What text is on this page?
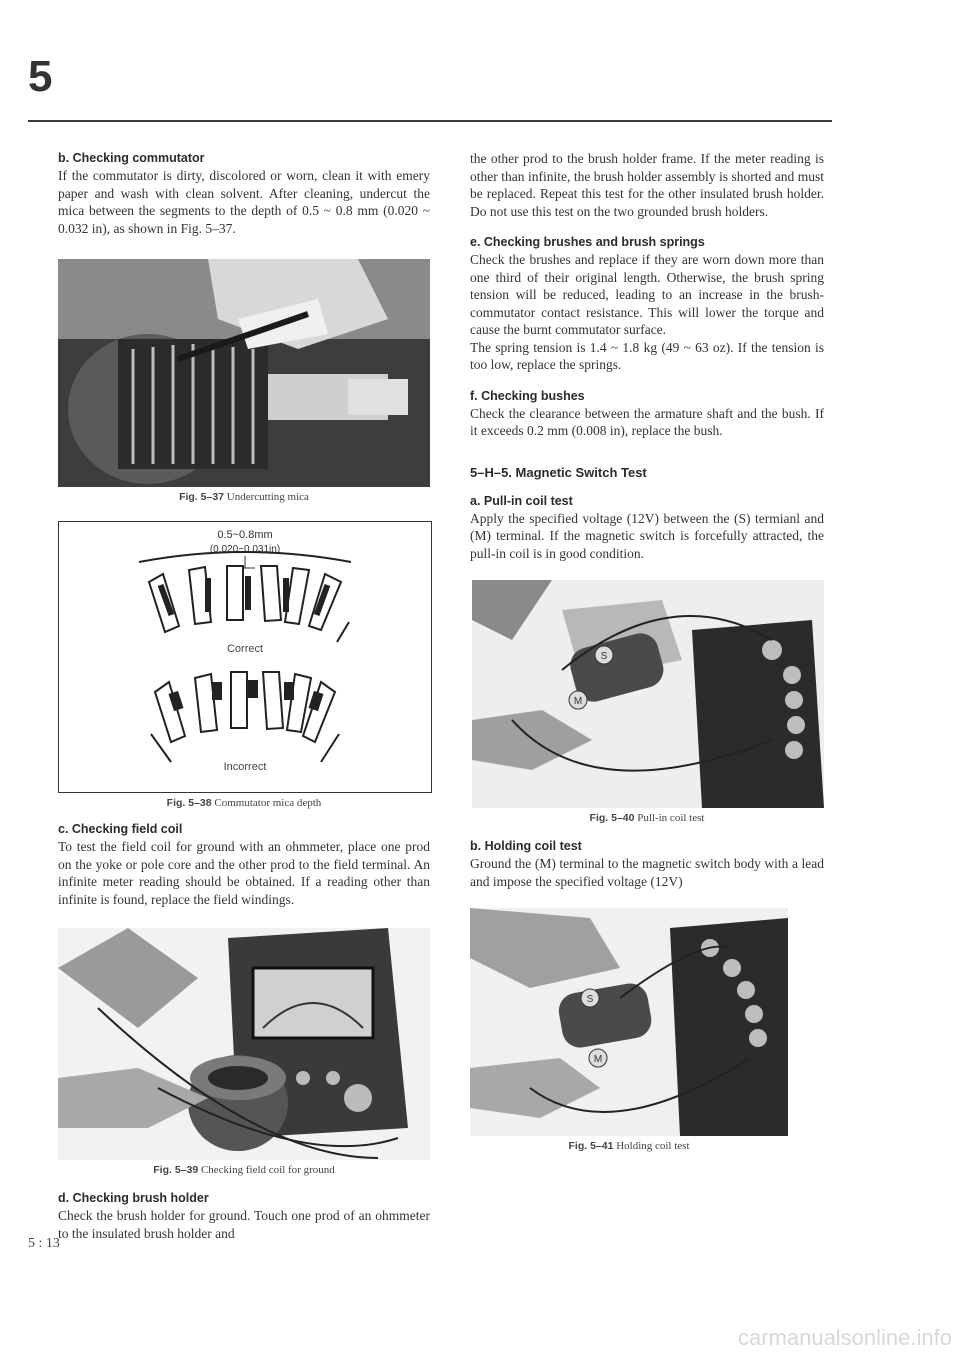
5

b. Checking commutator

If the commutator is dirty, discolored or worn, clean it with emery paper and wash with clean solvent. After cleaning, undercut the mica between the segments to the depth of 0.5 ~ 0.8 mm (0.020 ~ 0.032 in), as shown in Fig. 5–37.

Fig. 5–37 Undercutting mica

0.5~0.8mm
(0.020~0.031in)
Correct
Incorrect

Fig. 5–38 Commutator mica depth

c. Checking field coil

To test the field coil for ground with an ohmmeter, place one prod on the yoke or pole core and the other prod to the field terminal. An infinite meter reading should be obtained. If a reading other than infinite is found, replace the field windings.

Fig. 5–39 Checking field coil for ground

d. Checking brush holder

Check the brush holder for ground. Touch one prod of an ohmmeter to the insulated brush holder and

the other prod to the brush holder frame. If the meter reading is other than infinite, the brush holder assembly is shorted and must be replaced. Repeat this test for the other insulated brush holder. Do not use this test on the two grounded brush holders.

e. Checking brushes and brush springs

Check the brushes and replace if they are worn down more than one third of their original length. Otherwise, the brush spring tension will be reduced, leading to an increase in the brush-commutator contact resistance. This will lower the torque and cause the burnt commutator surface.

The spring tension is 1.4 ~ 1.8 kg (49 ~ 63 oz). If the tension is too low, replace the springs.

f. Checking bushes

Check the clearance between the armature shaft and the bush. If it exceeds 0.2 mm (0.008 in), replace the bush.

5–H–5. Magnetic Switch Test

a. Pull-in coil test

Apply the specified voltage (12V) between the (S) termianl and (M) terminal. If the magnetic switch is forcefully attracted, the pull-in coil is in good condition.

S
M

Fig. 5–40 Pull-in coil test

b. Holding coil test

Ground the (M) terminal to the magnetic switch body with a lead and impose the specified voltage (12V)

S
M

Fig. 5–41 Holding coil test

5 : 13
carmanualsonline.info
